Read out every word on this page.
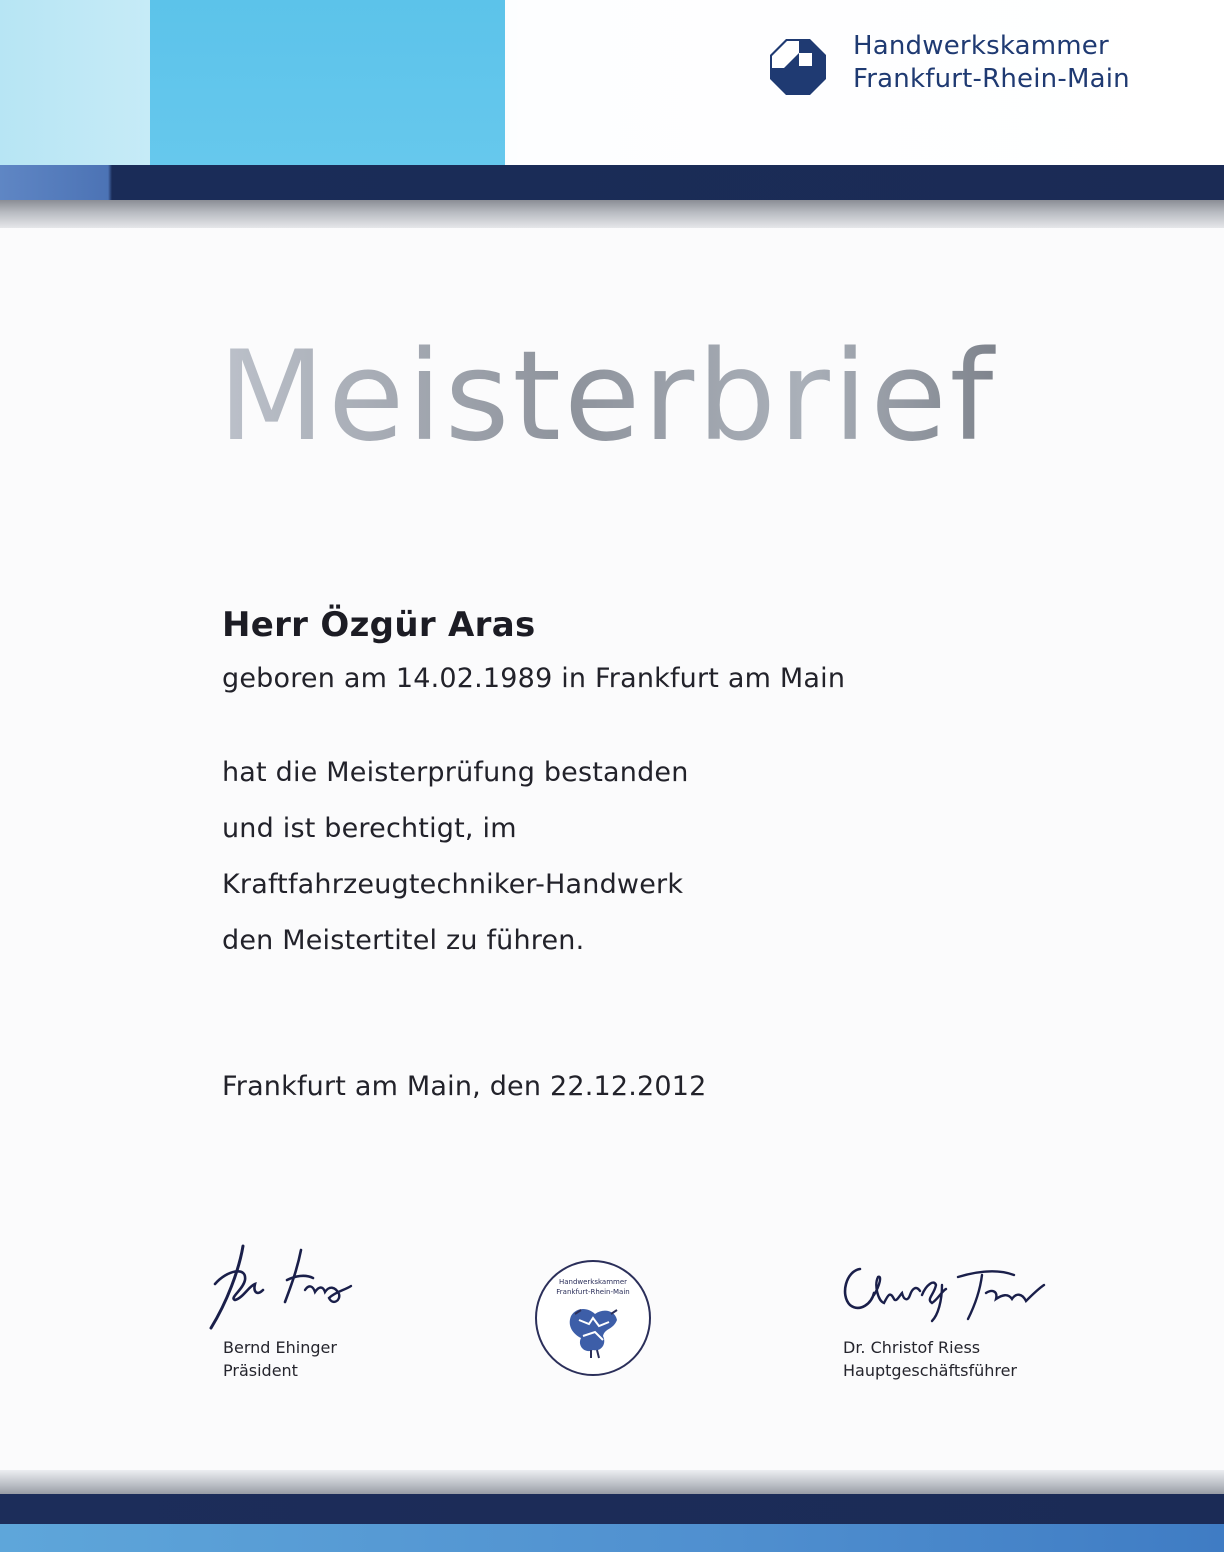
Handwerkskammer
Frankfurt-Rhein-Main
Meisterbrief
Herr Özgür Aras
geboren am 14.02.1989 in Frankfurt am Main
hat die Meisterprüfung bestanden
und ist berechtigt, im
Kraftfahrzeugtechniker-Handwerk
den Meistertitel zu führen.
Frankfurt am Main, den 22.12.2012
Bernd Ehinger
Präsident
Handwerkskammer
Frankfurt-Rhein-Main
Dr. Christof Riess
Hauptgeschäftsführer
